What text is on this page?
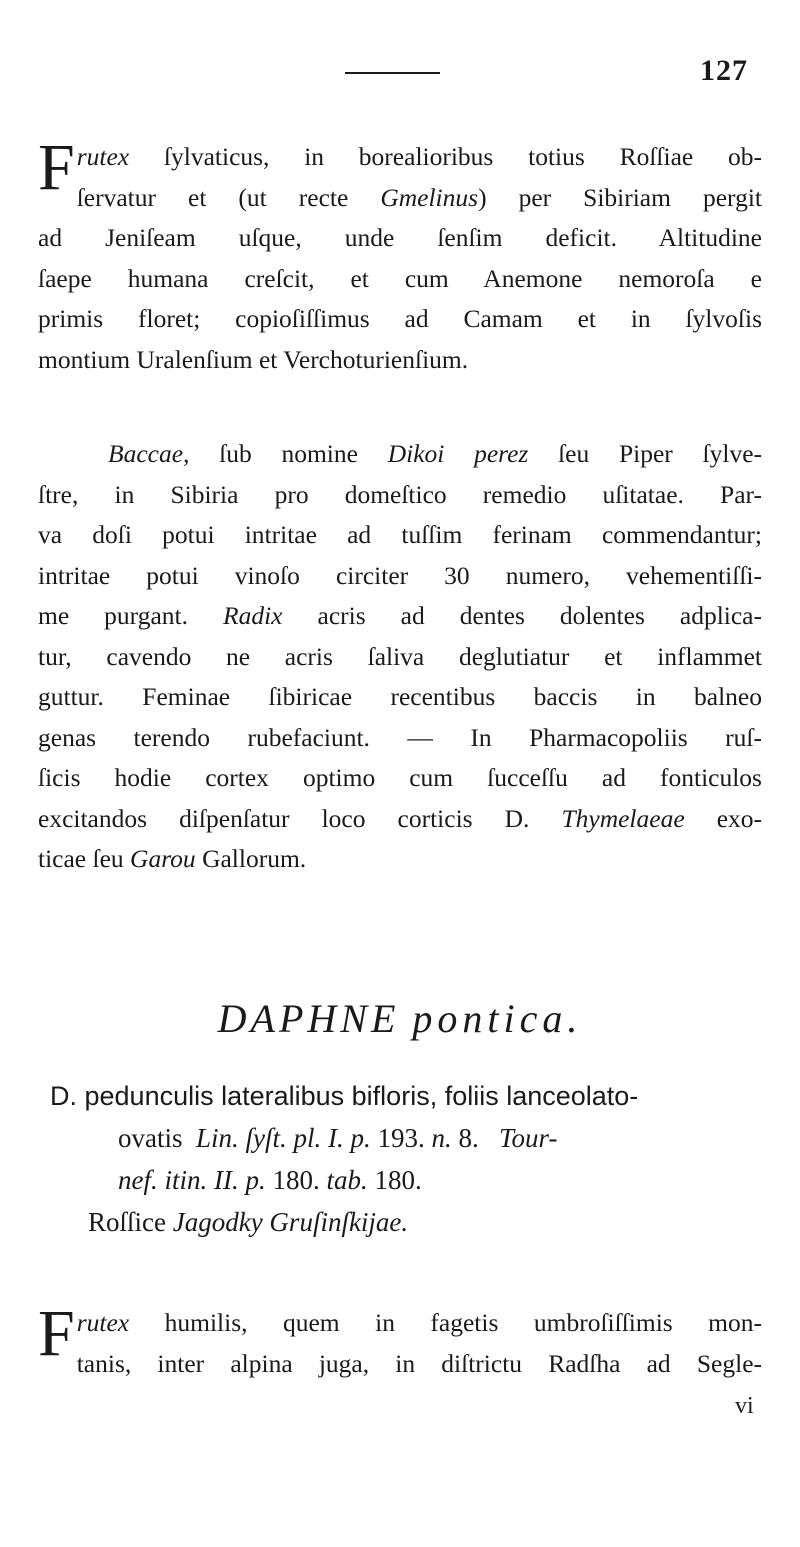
127
F rutex ſylvaticus, in borealioribus totius Roſſiae ob-
ſervatur et (ut recte Gmelinus) per Sibiriam pergit
ad Jeniſeam uſque, unde ſenſim deficit. Altitudine
ſaepe humana creſcit, et cum Anemone nemoroſa e
primis floret; copioſiſſimus ad Camam et in ſylvoſis
montium Uralenſium et Verchoturienſium.
Baccae, ſub nomine Dikoi perez ſeu Piper ſylve-
ſtre, in Sibiria pro domeſtico remedio uſitatae. Par-
va doſi potui intritae ad tuſſim ferinam commendantur;
intritae potui vinoſo circiter 30 numero, vehementiſſi-
me purgant. Radix acris ad dentes dolentes adplica-
tur, cavendo ne acris ſaliva deglutiatur et inflammet
guttur. Feminae ſibiricae recentibus baccis in balneo
genas terendo rubefaciunt. — In Pharmacopoliis ruſ-
ſicis hodie cortex optimo cum ſucceſſu ad fonticulos
excitandos diſpenſatur loco corticis D. Thymelaeae exo-
ticae ſeu Garou Gallorum.
DAPHNE pontica.
D. pedunculis lateralibus bifloris, foliis lanceolato-
ovatis Lin. ſyſt. pl. I. p. 193. n. 8. Tour-
nef. itin. II. p. 180. tab. 180.
Roſſice Jagodky Gruſinſkijae.
F rutex humilis, quem in fagetis umbroſiſſimis mon-
tanis, inter alpina juga, in diſtrictu Radſha ad Segle-
vi
